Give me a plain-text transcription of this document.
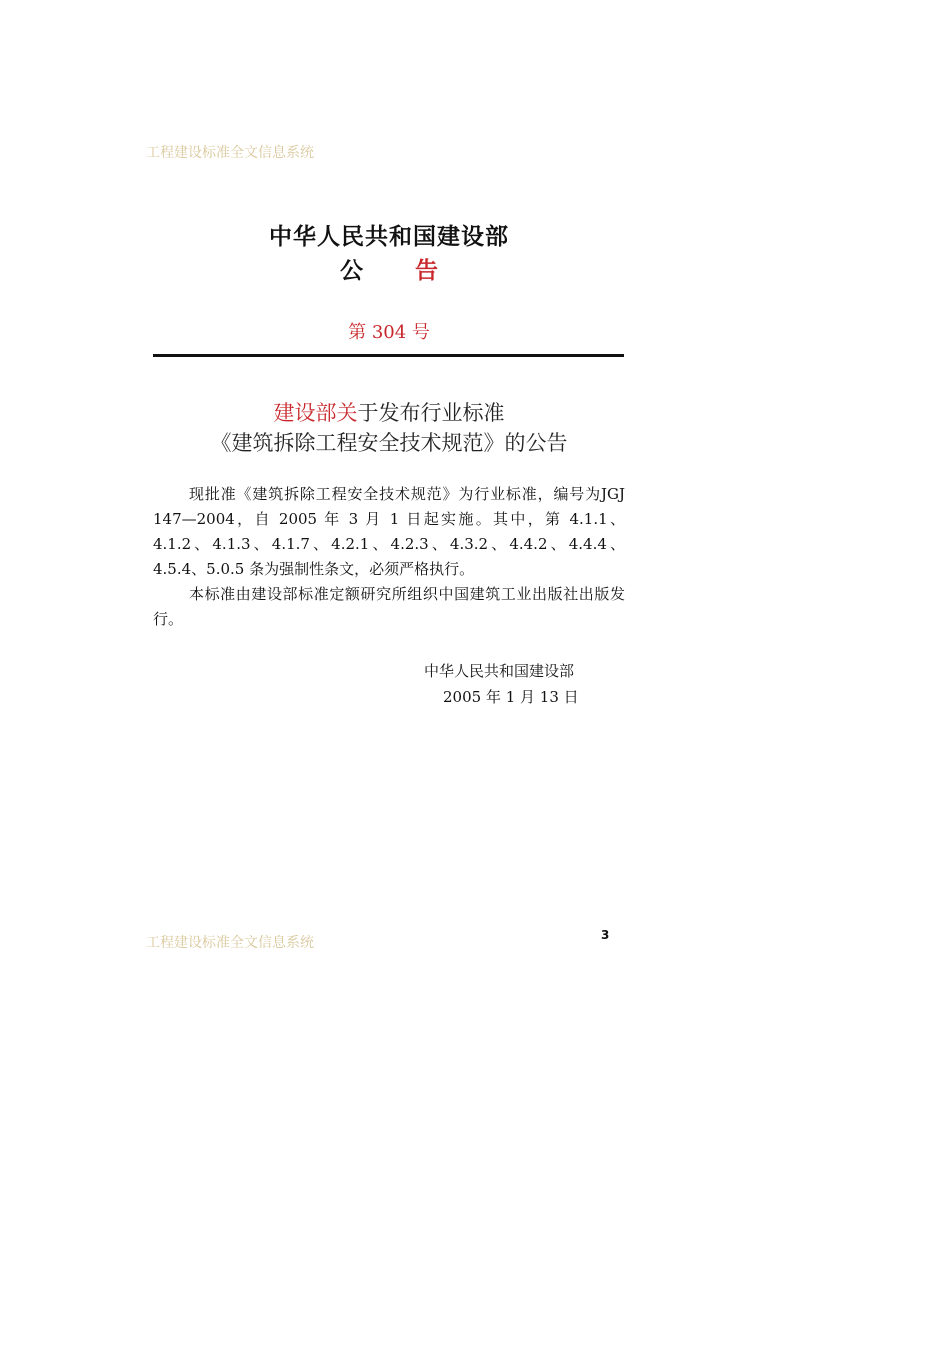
工程建设标准全文信息系统
中华人民共和国建设部
公 告
第 304 号
建设部关于发布行业标准
《建筑拆除工程安全技术规范》的公告

现批准《建筑拆除工程安全技术规范》为行业标准，编号为JGJ 147—2004，自 2005 年 3 月 1 日起实施。其中，第 4.1.1、4.1.2、4.1.3、4.1.7、4.2.1、4.2.3、4.3.2、4.4.2、4.4.4、4.5.4、5.0.5 条为强制性条文，必须严格执行。

本标准由建设部标准定额研究所组织中国建筑工业出版社出版发行。

中华人民共和国建设部
2005 年 1 月 13 日
工程建设标准全文信息系统	3
